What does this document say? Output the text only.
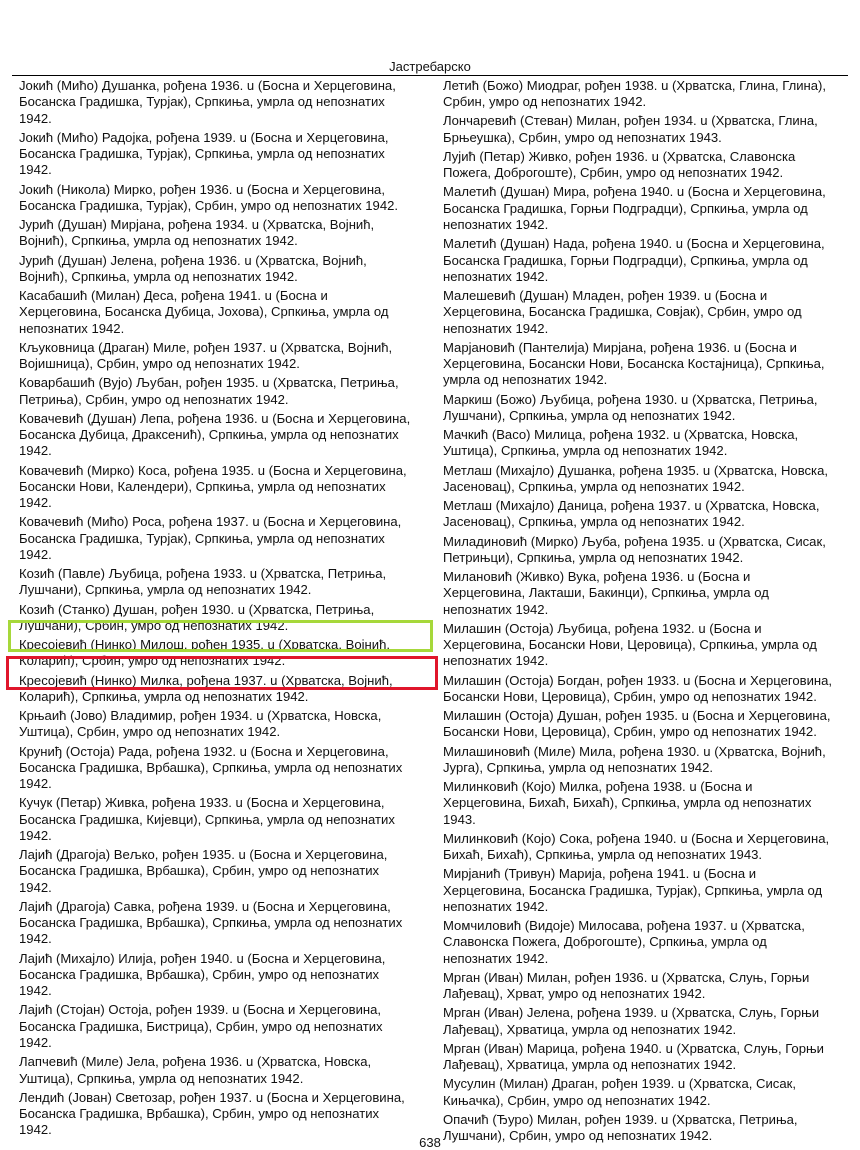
Јастребарско
Јокић (Мићо) Душанка, рођена 1936. u (Босна и Херцеговина,
Босанска Градишка, Турјак), Српкиња, умрла од непознатих
1942.
Јокић (Мићо) Радојка, рођена 1939. u (Босна и Херцеговина,
Босанска Градишка, Турјак), Српкиња, умрла од непознатих
1942.
Јокић (Никола) Мирко, рођен 1936. u (Босна и Херцеговина,
Босанска Градишка, Турјак), Србин, умро од непознатих 1942.
Јурић (Душан) Мирјана, рођена 1934. u (Хрватска, Војнић,
Војнић), Српкиња, умрла од непознатих 1942.
Јурић (Душан) Јелена, рођена 1936. u (Хрватска, Војнић,
Војнић), Српкиња, умрла од непознатих 1942.
Касабашић (Милан) Деса, рођена 1941. u (Босна и
Херцеговина, Босанска Дубица, Јохова), Српкиња, умрла од
непознатих 1942.
Кљуковница (Драган) Миле, рођен 1937. u (Хрватска, Војнић,
Војишница), Србин, умро од непознатих 1942.
Коварбашић (Вујо) Љубан, рођен 1935. u (Хрватска, Петриња,
Петриња), Србин, умро од непознатих 1942.
Ковачевић (Душан) Лепа, рођена 1936. u (Босна и Херцеговина,
Босанска Дубица, Драксенић), Српкиња, умрла од непознатих
1942.
Ковачевић (Мирко) Коса, рођена 1935. u (Босна и Херцеговина,
Босански Нови, Календери), Српкиња, умрла од непознатих
1942.
Ковачевић (Мићо) Роса, рођена 1937. u (Босна и Херцеговина,
Босанска Градишка, Турјак), Српкиња, умрла од непознатих
1942.
Козић (Павле) Љубица, рођена 1933. u (Хрватска, Петриња,
Лушчани), Српкиња, умрла од непознатих 1942.
Козић (Станко) Душан, рођен 1930. u (Хрватска, Петриња,
Лушчани), Србин, умро од непознатих 1942.
Кресојевић (Нинко) Милош, рођен 1935. u (Хрватска, Војнић,
Коларић), Србин, умро од непознатих 1942.
Кресојевић (Нинко) Милка, рођена 1937. u (Хрватска, Војнић,
Коларић), Српкиња, умрла од непознатих 1942.
Крњаић (Јово) Владимир, рођен 1934. u (Хрватска, Новска,
Уштица), Србин, умро од непознатих 1942.
Круниђ (Остоја) Рада, рођена 1932. u (Босна и Херцеговина,
Босанска Градишка, Врбашка), Српкиња, умрла од непознатих
1942.
Кучук (Петар) Живка, рођена 1933. u (Босна и Херцеговина,
Босанска Градишка, Кијевци), Српкиња, умрла од непознатих
1942.
Лајић (Драгоја) Вељко, рођен 1935. u (Босна и Херцеговина,
Босанска Градишка, Врбашка), Србин, умро од непознатих
1942.
Лајић (Драгоја) Савка, рођена 1939. u (Босна и Херцеговина,
Босанска Градишка, Врбашка), Српкиња, умрла од непознатих
1942.
Лајић (Михајло) Илија, рођен 1940. u (Босна и Херцеговина,
Босанска Градишка, Врбашка), Србин, умро од непознатих
1942.
Лајић (Стојан) Остоја, рођен 1939. u (Босна и Херцеговина,
Босанска Градишка, Бистрица), Србин, умро од непознатих
1942.
Лапчевић (Миле) Јела, рођена 1936. u (Хрватска, Новска,
Уштица), Српкиња, умрла од непознатих 1942.
Лендић (Јован) Светозар, рођен 1937. u (Босна и Херцеговина,
Босанска Градишка, Врбашка), Србин, умро од непознатих
1942.
Летић (Божо) Миодраг, рођен 1938. u (Хрватска, Глина, Глина),
Србин, умро од непознатих 1942.
Лончаревић (Стеван) Милан, рођен 1934. u (Хрватска, Глина,
Брњеушка), Србин, умро од непознатих 1943.
Лујић (Петар) Живко, рођен 1936. u (Хрватска, Славонска
Пожега, Доброгоште), Србин, умро од непознатих 1942.
Малетић (Душан) Мира, рођена 1940. u (Босна и Херцеговина,
Босанска Градишка, Горњи Подградци), Српкиња, умрла од
непознатих 1942.
Малетић (Душан) Нада, рођена 1940. u (Босна и Херцеговина,
Босанска Градишка, Горњи Подградци), Српкиња, умрла од
непознатих 1942.
Малешевић (Душан) Младен, рођен 1939. u (Босна и
Херцеговина, Босанска Градишка, Совјак), Србин, умро од
непознатих 1942.
Марјановић (Пантелија) Мирјана, рођена 1936. u (Босна и
Херцеговина, Босански Нови, Босанска Костајница), Српкиња,
умрла од непознатих 1942.
Маркиш (Божо) Љубица, рођена 1930. u (Хрватска, Петриња,
Лушчани), Српкиња, умрла од непознатих 1942.
Мачкић (Васо) Милица, рођена 1932. u (Хрватска, Новска,
Уштица), Српкиња, умрла од непознатих 1942.
Метлаш (Михајло) Душанка, рођена 1935. u (Хрватска, Новска,
Јасеновац), Српкиња, умрла од непознатих 1942.
Метлаш (Михајло) Даница, рођена 1937. u (Хрватска, Новска,
Јасеновац), Српкиња, умрла од непознатих 1942.
Миладиновић (Мирко) Љуба, рођена 1935. u (Хрватска, Сисак,
Петрињци), Српкиња, умрла од непознатих 1942.
Милановић (Живко) Вука, рођена 1936. u (Босна и
Херцеговина, Лакташи, Бакинци), Српкиња, умрла од
непознатих 1942.
Милашин (Остоја) Љубица, рођена 1932. u (Босна и
Херцеговина, Босански Нови, Церовица), Српкиња, умрла од
непознатих 1942.
Милашин (Остоја) Богдан, рођен 1933. u (Босна и Херцеговина,
Босански Нови, Церовица), Србин, умро од непознатих 1942.
Милашин (Остоја) Душан, рођен 1935. u (Босна и Херцеговина,
Босански Нови, Церовица), Србин, умро од непознатих 1942.
Милашиновић (Миле) Мила, рођена 1930. u (Хрватска, Војнић,
Јурга), Српкиња, умрла од непознатих 1942.
Милинковић (Којо) Милка, рођена 1938. u (Босна и
Херцеговина, Бихаћ, Бихаћ), Српкиња, умрла од непознатих
1943.
Милинковић (Којо) Сока, рођена 1940. u (Босна и Херцеговина,
Бихаћ, Бихаћ), Српкиња, умрла од непознатих 1943.
Мирјанић (Тривун) Марија, рођена 1941. u (Босна и
Херцеговина, Босанска Градишка, Турјак), Српкиња, умрла од
непознатих 1942.
Момчиловић (Видоје) Милосава, рођена 1937. u (Хрватска,
Славонска Пожега, Доброгоште), Српкиња, умрла од
непознатих 1942.
Мрган (Иван) Милан, рођен 1936. u (Хрватска, Слуњ, Горњи
Лађевац), Хрват, умро од непознатих 1942.
Мрган (Иван) Јелена, рођена 1939. u (Хрватска, Слуњ, Горњи
Лађевац), Хрватица, умрла од непознатих 1942.
Мрган (Иван) Марица, рођена 1940. u (Хрватска, Слуњ, Горњи
Лађевац), Хрватица, умрла од непознатих 1942.
Мусулин (Милан) Драган, рођен 1939. u (Хрватска, Сисак,
Кињачка), Србин, умро од непознатих 1942.
Опачић (Ђуро) Милан, рођен 1939. u (Хрватска, Петриња,
Лушчани), Србин, умро од непознатих 1942.
638
